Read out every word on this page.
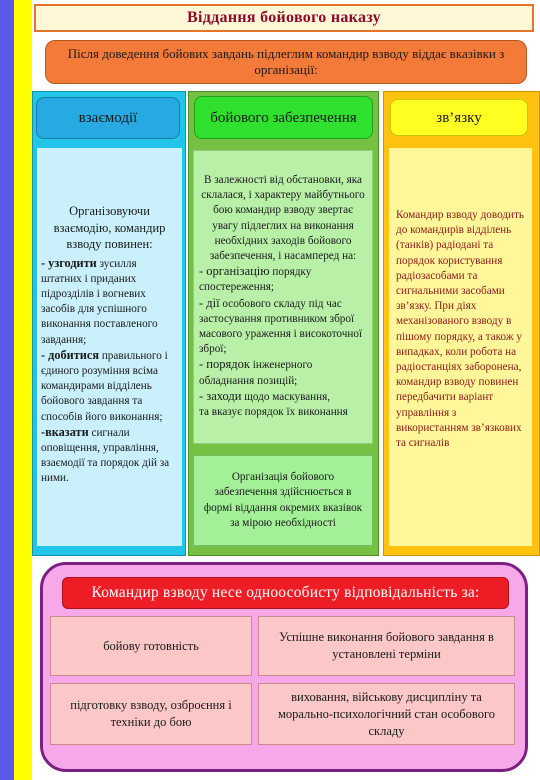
Віддання бойового наказу
Після доведення бойових завдань підлеглим командир взводу віддає вказівки з організації:
взаємодії	бойового забезпечення	зв’язку
Організовуючи взаємодію, командир взводу повинен:

- узгодити зусилля штатних і приданих підрозділів і вогневих засобів для успішного виконання поставленого завдання;

- добитися правильного і єдиного розуміння всіма командирами відділень бойового завдання та способів його виконання;

-вказати сигнали оповіщення, управління, взаємодії та порядок дій за ними.

В залежності від обстановки, яка склалася, і характеру майбутнього бою командир взводу звертає увагу підлеглих на виконання необхідних заходів бойового забезпечення, і насамперед на:

- організацію порядку спостереження;

- дії особового складу під час застосування противником зброї масового ураження і високоточної зброї;

- порядок інженерного обладнання позицій;

- заходи щодо маскування,

та вказує порядок їх виконання

Організація бойового забезпечення здійснюється в формі віддання окремих вказівок за мірою необхідності
Командир взводу доводить до командирів відділень (танків) радіодані та порядок користування радіозасобами та сигнальними засобами зв’язку. При діях механізованого взводу в пішому порядку, а також у випадках, коли робота на радіостанціях заборонена, командир взводу повинен передбачити варіант управління з використанням зв’язкових та сигналів
Командир взводу несе одноособисту відповідальність за:
бойову готовність
Успішне виконання бойового завдання в установлені терміни
підготовку взводу, озброєння і техніки до бою
виховання, військову дисципліну та морально-психологічний стан особового складу
